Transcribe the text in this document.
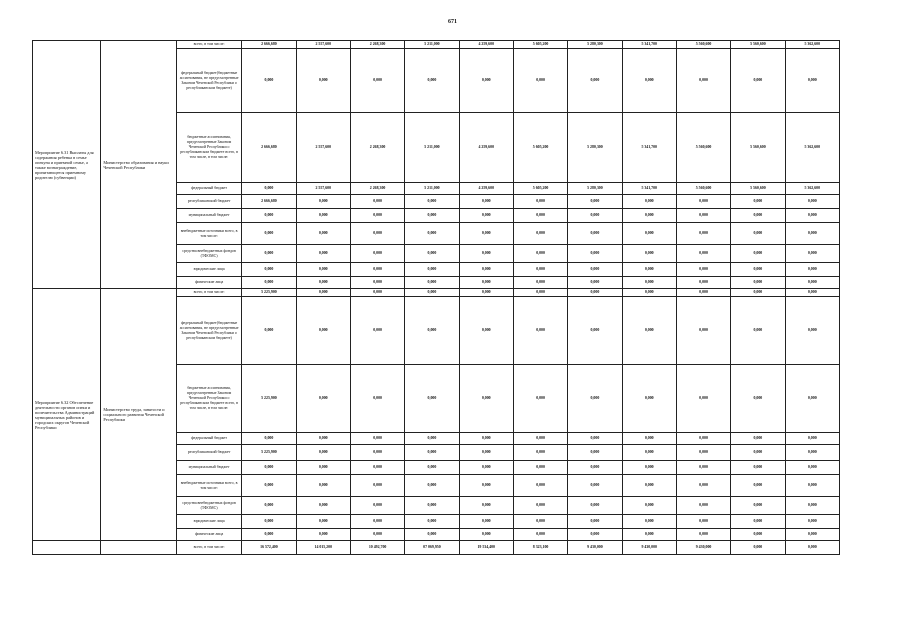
671
Мероприятие 6.31 Выплаты для содержания ребенка в семье опекуна и приемной семье, а также вознаграждение, причитающееся приемному родителю (субвенции)	Министерство образования и науки Чеченской Республики	всего, в том числе:	2 666,680	2 557,600	2 268,300	5 211,000	4 259,600	5 605,200	5 280,300	5 341,700	5 560,600	5 560,600	5 362,600
		федеральный бюджет(бюджетные ассигнования, не предусмотренные Законом Чеченской Республики о республиканском бюджете)	0,000	0,000	0,000	0,000	0,000	0,000	0,000	0,000	0,000	0,000	0,000
		бюджетные ассигнования, предусмотренные Законом Чеченской Республики о республиканском бюджете всего, в том числе, в том числе:	2 666,680	2 557,600	2 268,300	5 211,000	4 259,600	5 605,200	5 280,300	5 341,700	5 560,600	5 560,600	5 362,600
		федеральный бюджет	0,000	2 557,600	2 268,300	5 211,000	4 259,600	5 605,200	5 280,300	5 341,700	5 560,600	5 560,600	5 362,600
		республиканский бюджет	2 666,680	0,000	0,000	0,000	0,000	0,000	0,000	0,000	0,000	0,000	0,000
		муниципальный бюджет	0,000	0,000	0,000	0,000	0,000	0,000	0,000	0,000	0,000	0,000	0,000
		внебюджетные источники всего, в том числе:	0,000	0,000	0,000	0,000	0,000	0,000	0,000	0,000	0,000	0,000	0,000
		средства внебюджетных фондов (ТФОМС)	0,000	0,000	0,000	0,000	0,000	0,000	0,000	0,000	0,000	0,000	0,000
		юридические лица	0,000	0,000	0,000	0,000	0,000	0,000	0,000	0,000	0,000	0,000	0,000
		физические лица	0,000	0,000	0,000	0,000	0,000	0,000	0,000	0,000	0,000	0,000	0,000
Мероприятие 6.32 Обеспечение деятельности органов опеки и попечительства Администраций муниципальных районов и городских округов Чеченской Республики	Министерство труда, занятости и социального развития Чеченской Республики	всего, в том числе:	5 225,900	0,000	0,000	0,000	0,000	0,000	0,000	0,000	0,000	0,000	0,000
		федеральный бюджет(бюджетные ассигнования, не предусмотренные Законом Чеченской Республики о республиканском бюджете)	0,000	0,000	0,000	0,000	0,000	0,000	0,000	0,000	0,000	0,000	0,000
		бюджетные ассигнования, предусмотренные Законом Чеченской Республики о республиканском бюджете всего, в том числе, в том числе:	5 225,900	0,000	0,000	0,000	0,000	0,000	0,000	0,000	0,000	0,000	0,000
		федеральный бюджет	0,000	0,000	0,000	0,000	0,000	0,000	0,000	0,000	0,000	0,000	0,000
		республиканский бюджет	5 225,900	0,000	0,000	0,000	0,000	0,000	0,000	0,000	0,000	0,000	0,000
		муниципальный бюджет	0,000	0,000	0,000	0,000	0,000	0,000	0,000	0,000	0,000	0,000	0,000
		внебюджетные источники всего, в том числе:	0,000	0,000	0,000	0,000	0,000	0,000	0,000	0,000	0,000	0,000	0,000
		средства внебюджетных фондов (ТФОМС)	0,000	0,000	0,000	0,000	0,000	0,000	0,000	0,000	0,000	0,000	0,000
		юридические лица	0,000	0,000	0,000	0,000	0,000	0,000	0,000	0,000	0,000	0,000	0,000
		физические лица	0,000	0,000	0,000	0,000	0,000	0,000	0,000	0,000	0,000	0,000	0,000
		всего, в том числе:	16 572,400	14 015,200	10 492,700	07 069,950	19 534,400	8 323,100	9 430,000	9 430,000	9 430,000	0,000	0,000
